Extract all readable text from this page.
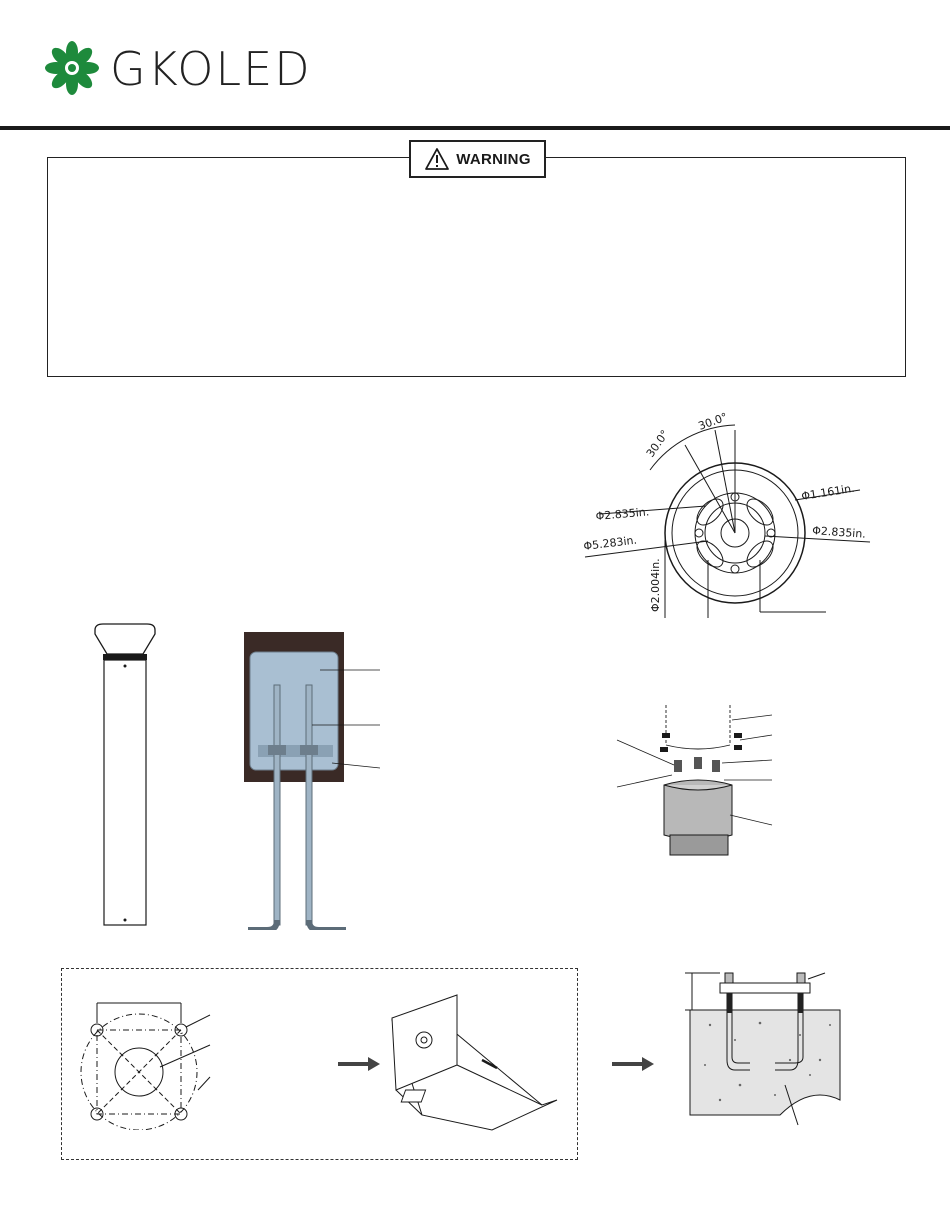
GKOLED
WARNING
30.0°
30.0°
Φ2.835in.
Φ5.283in.
Φ2.004in.
Φ1.161in.
Φ2.835in.
